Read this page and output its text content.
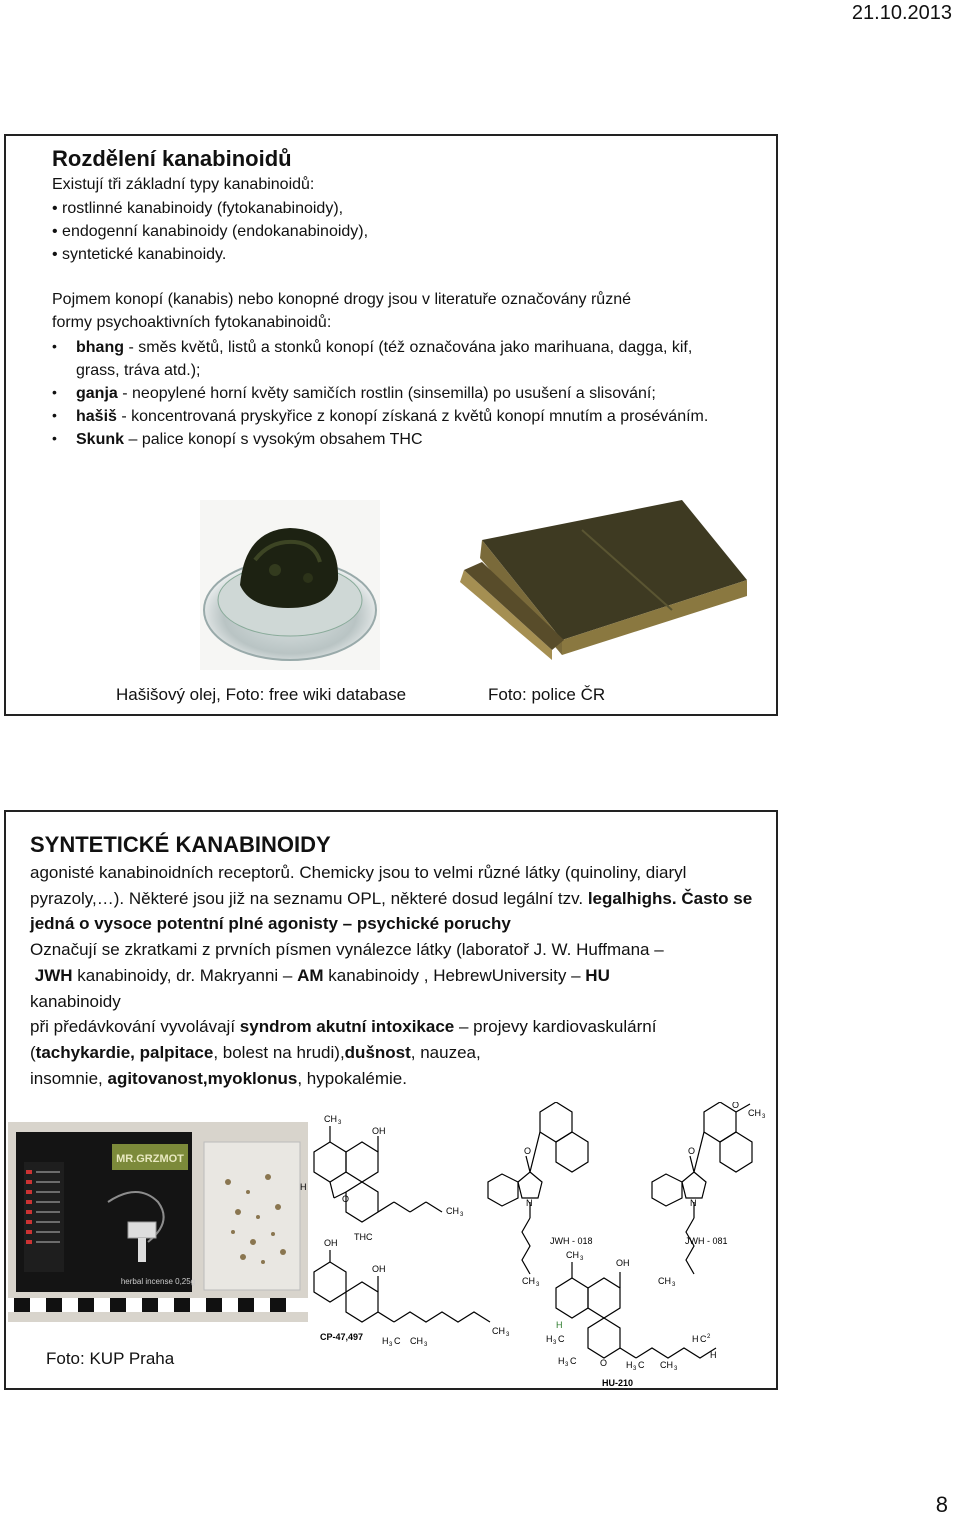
21.10.2013
Rozdělení kanabinoidů
Existují tři základní typy kanabinoidů:
• rostlinné kanabinoidy (fytokanabinoidy),
• endogenní kanabinoidy (endokanabinoidy),
• syntetické kanabinoidy.
Pojmem konopí (kanabis) nebo konopné drogy jsou v literatuře označovány různé
formy psychoaktivních fytokanabinoidů:
• bhang - směs květů, listů a stonků konopí (též označována jako marihuana, dagga, kif, grass, tráva atd.);
• ganja - neopylené horní květy samičích rostlin (sinsemilla) po usušení a slisování;
• hašiš - koncentrovaná pryskyřice z konopí získaná z květů konopí mnutím a proséváním.
• Skunk – palice konopí s vysokým obsahem THC
Hašišový olej, Foto: free wiki database	Foto: police ČR
SYNTETICKÉ KANABINOIDY
agonisté kanabinoidních receptorů. Chemicky jsou to velmi různé látky (quinoliny, diaryl pyrazoly,…). Některé jsou již na seznamu OPL, některé dosud legální tzv. legalhighs. Často se jedná o vysoce potentní plné agonisty – psychické poruchy
Označují se zkratkami z prvních písmen vynálezce látky (laboratoř J. W. Huffmana –
JWH kanabinoidy, dr. Makryanni – AM kanabinoidy , HebrewUniversity – HU
kanabinoidy
při předávkování vyvolávají syndrom akutní intoxikace – projevy kardiovaskulární (tachykardie, palpitace, bolest na hrudi),dušnost, nauzea,
insomnie, agitovanost,myoklonus, hypokalémie.
MR.GRZMOT
herbal incense 0,25g
Foto: KUP Praha
CH 3
OH
H
O
CH 3
THC
O
N
JWH - 018
CH 3
O
O
CH 3
N
JWH - 081
CH 3
OH
OH
CH 3
CP-47,497 H 3 C CH 3
CH 3	OH
H
H 3 C
H 3 C	O H 3 C CH 3
H C 2
H
HU-210
8
